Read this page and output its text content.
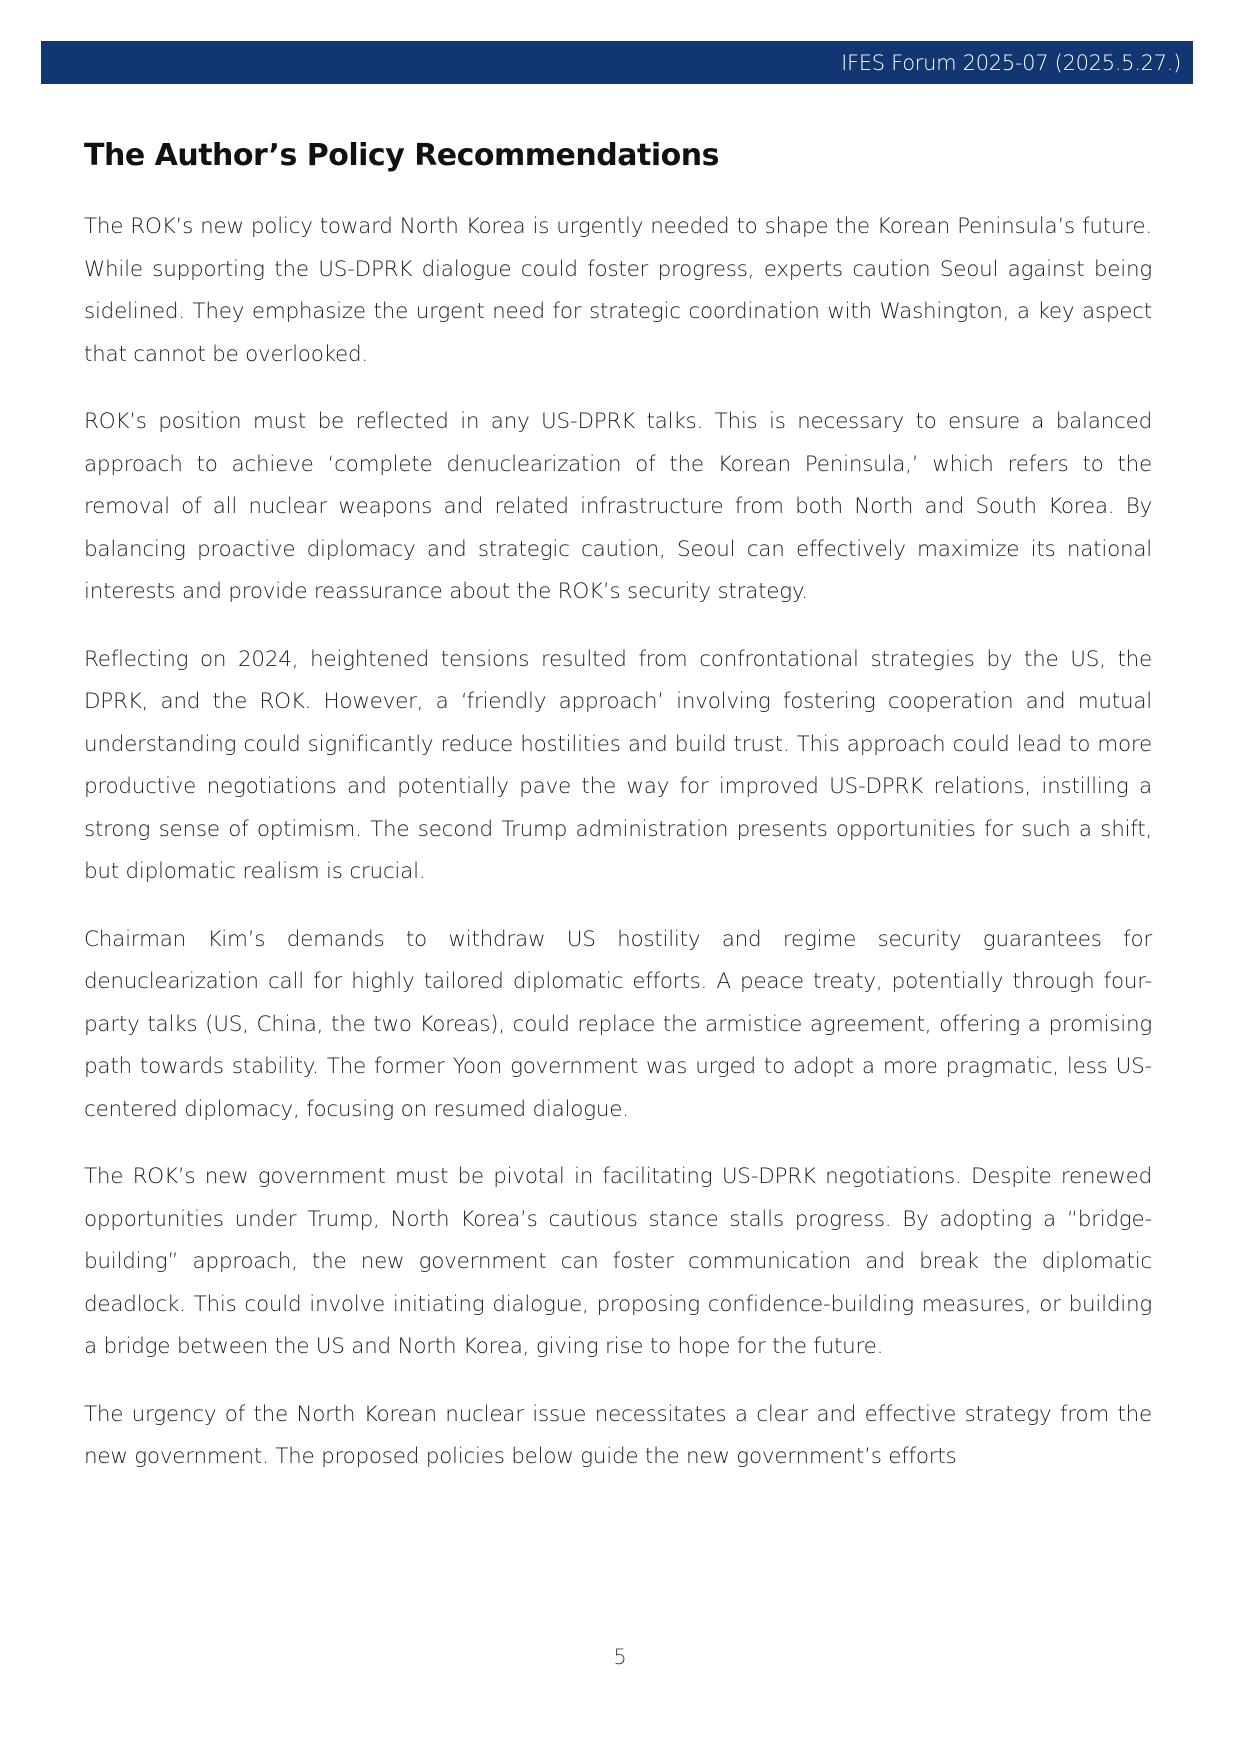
IFES Forum 2025-07 (2025.5.27.)
The Author’s Policy Recommendations

The ROK’s new policy toward North Korea is urgently needed to shape the Korean Peninsula’s future. While supporting the US-DPRK dialogue could foster progress, experts caution Seoul against being sidelined. They emphasize the urgent need for strategic coordination with Washington, a key aspect that cannot be overlooked.

ROK’s position must be reflected in any US-DPRK talks. This is necessary to ensure a balanced approach to achieve ‘complete denuclearization of the Korean Peninsula,’ which refers to the removal of all nuclear weapons and related infrastructure from both North and South Korea. By balancing proactive diplomacy and strategic caution, Seoul can effectively maximize its national interests and provide reassurance about the ROK’s security strategy.

Reflecting on 2024, heightened tensions resulted from confrontational strategies by the US, the DPRK, and the ROK. However, a ‘friendly approach’ involving fostering cooperation and mutual understanding could significantly reduce hostilities and build trust. This approach could lead to more productive negotiations and potentially pave the way for improved US-DPRK relations, instilling a strong sense of optimism. The second Trump administration presents opportunities for such a shift, but diplomatic realism is crucial.

Chairman Kim’s demands to withdraw US hostility and regime security guarantees for denuclearization call for highly tailored diplomatic efforts. A peace treaty, potentially through four-party talks (US, China, the two Koreas), could replace the armistice agreement, offering a promising path towards stability. The former Yoon government was urged to adopt a more pragmatic, less US-centered diplomacy, focusing on resumed dialogue.

The ROK’s new government must be pivotal in facilitating US-DPRK negotiations. Despite renewed opportunities under Trump, North Korea’s cautious stance stalls progress. By adopting a “bridge-building” approach, the new government can foster communication and break the diplomatic deadlock. This could involve initiating dialogue, proposing confidence-building measures, or building a bridge between the US and North Korea, giving rise to hope for the future.

The urgency of the North Korean nuclear issue necessitates a clear and effective strategy from the new government. The proposed policies below guide the new government’s efforts

5
